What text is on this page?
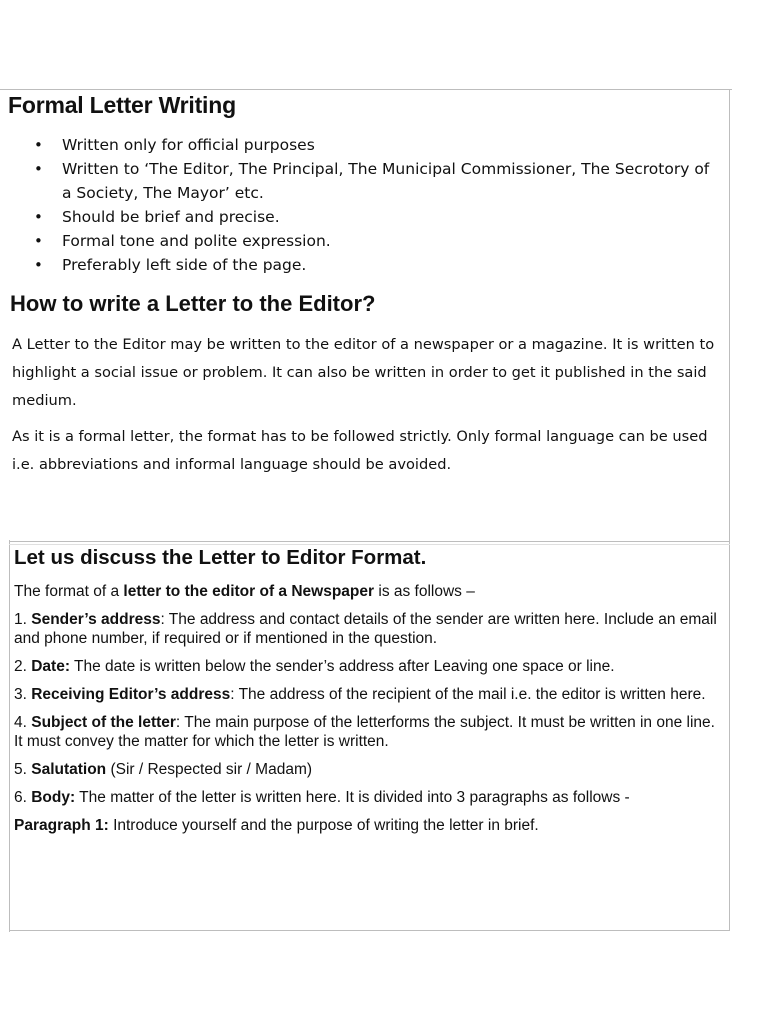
Formal Letter Writing
• Written only for official purposes
• Written to ‘The Editor, The Principal, The Municipal Commissioner, The Secrotory of a Society, The Mayor’ etc.
• Should be brief and precise.
• Formal tone and polite expression.
• Preferably left side of the page.
How to write a Letter to the Editor?

A Letter to the Editor may be written to the editor of a newspaper or a magazine. It is written to highlight a social issue or problem. It can also be written in order to get it published in the said medium.

As it is a formal letter, the format has to be followed strictly. Only formal language can be used i.e. abbreviations and informal language should be avoided.

Let us discuss the Letter to Editor Format.

The format of a letter to the editor of a Newspaper is as follows –

1. Sender’s address: The address and contact details of the sender are written here. Include an email and phone number, if required or if mentioned in the question.

2. Date: The date is written below the sender’s address after Leaving one space or line.

3. Receiving Editor’s address: The address of the recipient of the mail i.e. the editor is written here.

4. Subject of the letter: The main purpose of the letterforms the subject. It must be written in one line. It must convey the matter for which the letter is written.

5. Salutation (Sir / Respected sir / Madam)

6. Body: The matter of the letter is written here. It is divided into 3 paragraphs as follows -

Paragraph 1: Introduce yourself and the purpose of writing the letter in brief.
